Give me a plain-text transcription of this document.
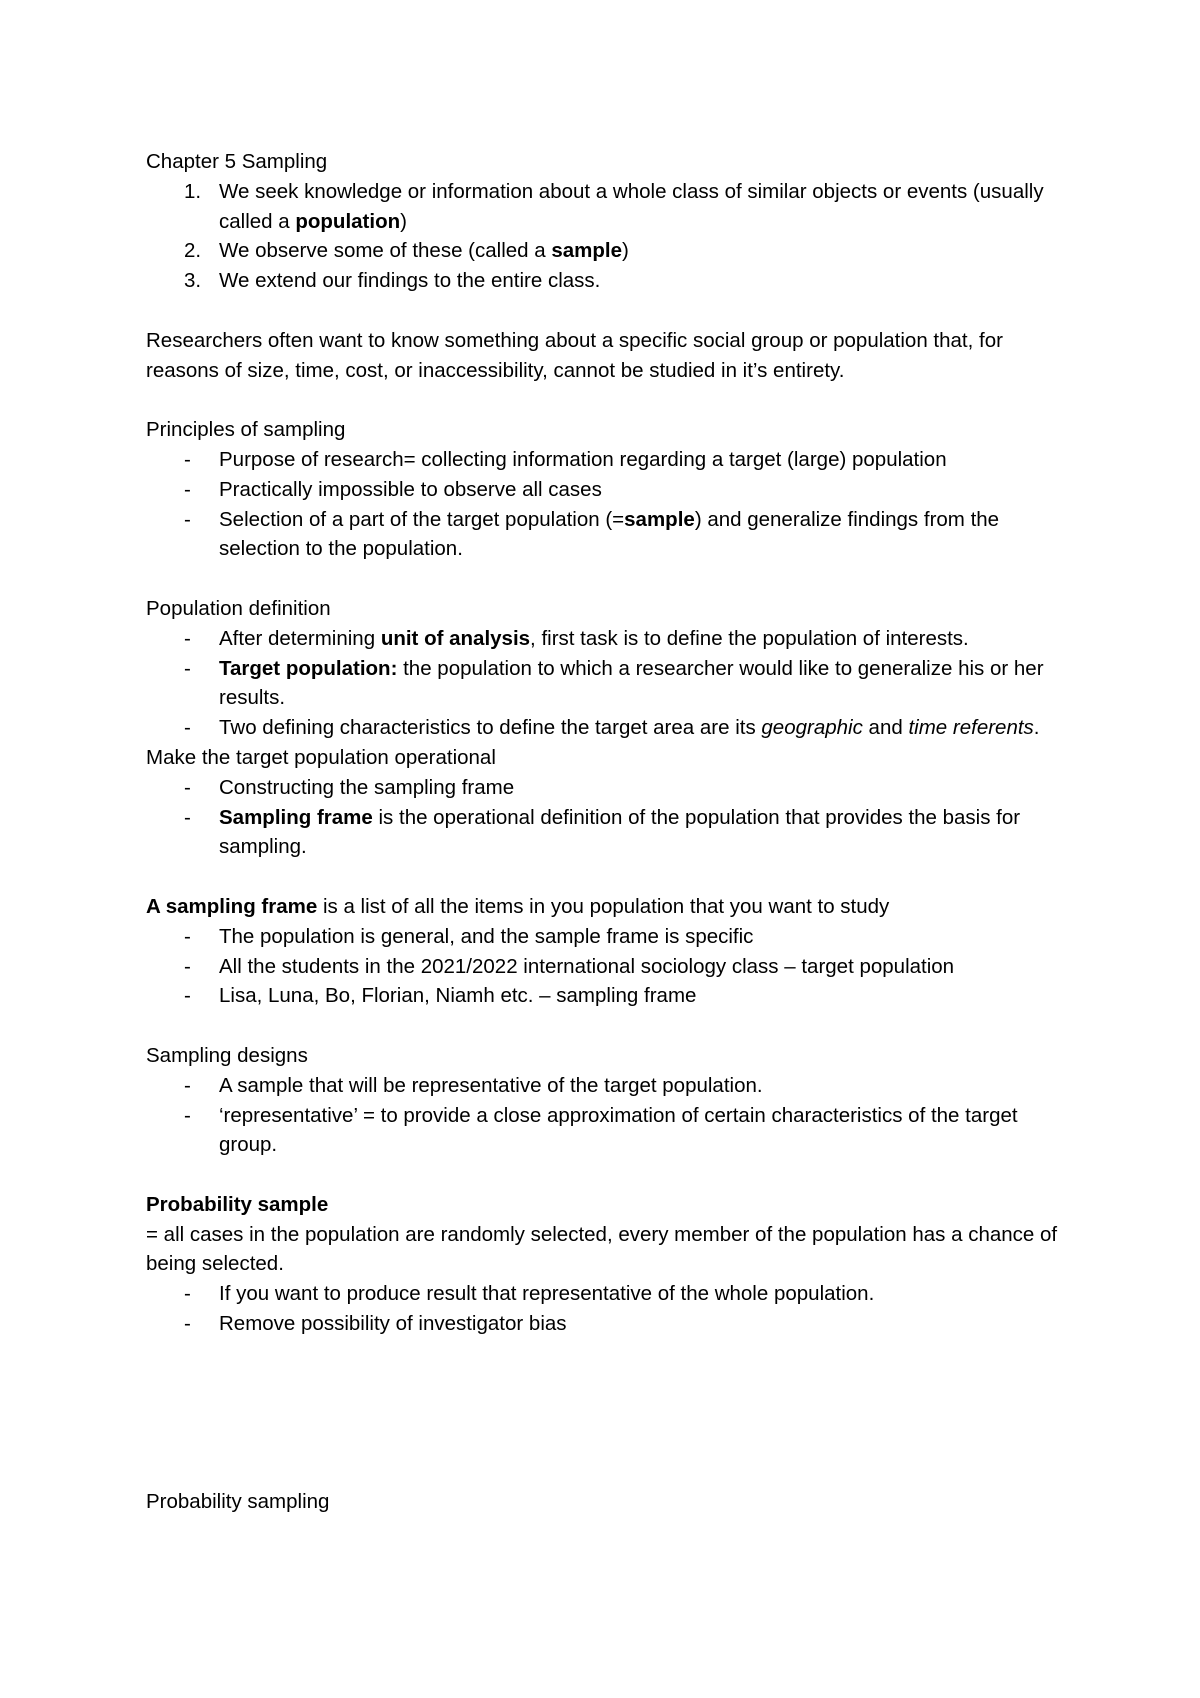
Chapter 5 Sampling
1. We seek knowledge or information about a whole class of similar objects or events (usually called a population)
2. We observe some of these (called a sample)
3. We extend our findings to the entire class.
Researchers often want to know something about a specific social group or population that, for reasons of size, time, cost, or inaccessibility, cannot be studied in it’s entirety.
Principles of sampling
- Purpose of research= collecting information regarding a target (large) population
- Practically impossible to observe all cases
- Selection of a part of the target population (=sample) and generalize findings from the selection to the population.
Population definition
- After determining unit of analysis, first task is to define the population of interests.
- Target population: the population to which a researcher would like to generalize his or her results.
- Two defining characteristics to define the target area are its geographic and time referents.
Make the target population operational
- Constructing the sampling frame
- Sampling frame is the operational definition of the population that provides the basis for sampling.
A sampling frame is a list of all the items in you population that you want to study
- The population is general, and the sample frame is specific
- All the students in the 2021/2022 international sociology class – target population
- Lisa, Luna, Bo, Florian, Niamh etc. – sampling frame
Sampling designs
- A sample that will be representative of the target population.
- ‘representative’ = to provide a close approximation of certain characteristics of the target group.
Probability sample
= all cases in the population are randomly selected, every member of the population has a chance of being selected.
- If you want to produce result that representative of the whole population.
- Remove possibility of investigator bias
Probability sampling
